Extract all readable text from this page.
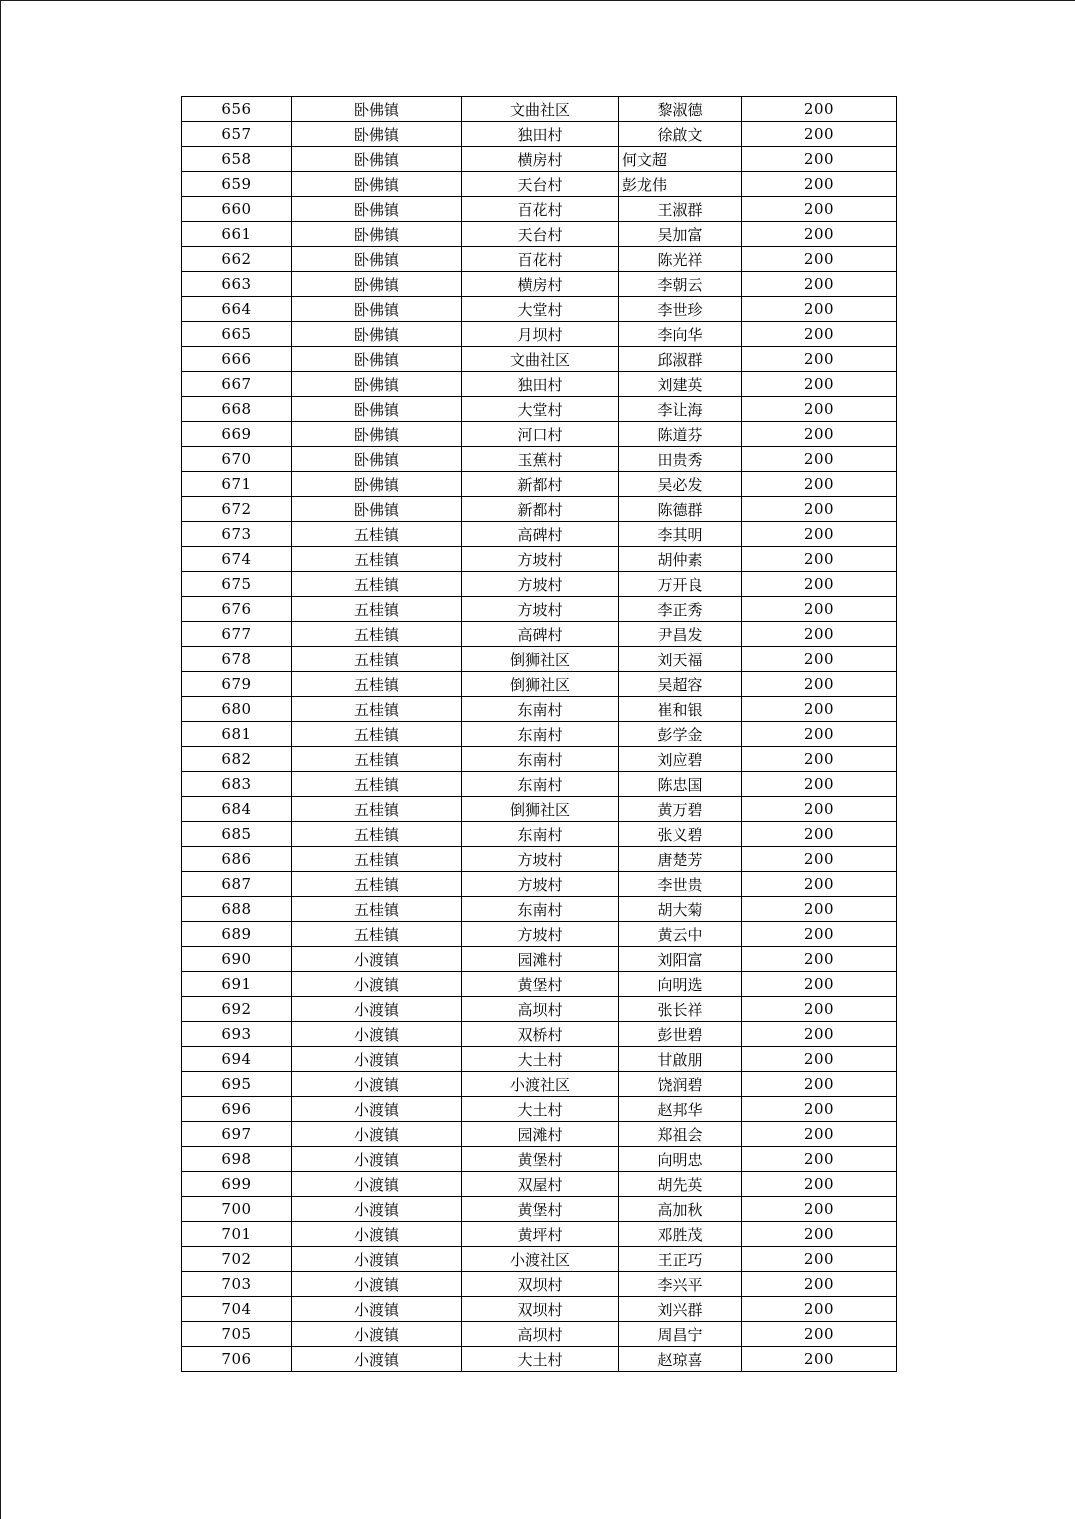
656	卧佛镇	文曲社区	黎淑德	200
657	卧佛镇	独田村	徐啟文	200
658	卧佛镇	横房村	何文超	200
659	卧佛镇	天台村	彭龙伟	200
660	卧佛镇	百花村	王淑群	200
661	卧佛镇	天台村	吴加富	200
662	卧佛镇	百花村	陈光祥	200
663	卧佛镇	横房村	李朝云	200
664	卧佛镇	大堂村	李世珍	200
665	卧佛镇	月坝村	李向华	200
666	卧佛镇	文曲社区	邱淑群	200
667	卧佛镇	独田村	刘建英	200
668	卧佛镇	大堂村	李让海	200
669	卧佛镇	河口村	陈道芬	200
670	卧佛镇	玉蕉村	田贵秀	200
671	卧佛镇	新都村	吴必发	200
672	卧佛镇	新都村	陈德群	200
673	五桂镇	高碑村	李其明	200
674	五桂镇	方坡村	胡仲素	200
675	五桂镇	方坡村	万开良	200
676	五桂镇	方坡村	李正秀	200
677	五桂镇	高碑村	尹昌发	200
678	五桂镇	倒狮社区	刘天福	200
679	五桂镇	倒狮社区	吴超容	200
680	五桂镇	东南村	崔和银	200
681	五桂镇	东南村	彭学金	200
682	五桂镇	东南村	刘应碧	200
683	五桂镇	东南村	陈忠国	200
684	五桂镇	倒狮社区	黄万碧	200
685	五桂镇	东南村	张义碧	200
686	五桂镇	方坡村	唐楚芳	200
687	五桂镇	方坡村	李世贵	200
688	五桂镇	东南村	胡大菊	200
689	五桂镇	方坡村	黄云中	200
690	小渡镇	园滩村	刘阳富	200
691	小渡镇	黄堡村	向明选	200
692	小渡镇	高坝村	张长祥	200
693	小渡镇	双桥村	彭世碧	200
694	小渡镇	大土村	甘啟朋	200
695	小渡镇	小渡社区	饶润碧	200
696	小渡镇	大土村	赵邦华	200
697	小渡镇	园滩村	郑祖会	200
698	小渡镇	黄堡村	向明忠	200
699	小渡镇	双屋村	胡先英	200
700	小渡镇	黄堡村	高加秋	200
701	小渡镇	黄坪村	邓胜茂	200
702	小渡镇	小渡社区	王正巧	200
703	小渡镇	双坝村	李兴平	200
704	小渡镇	双坝村	刘兴群	200
705	小渡镇	高坝村	周昌宁	200
706	小渡镇	大土村	赵琼喜	200
